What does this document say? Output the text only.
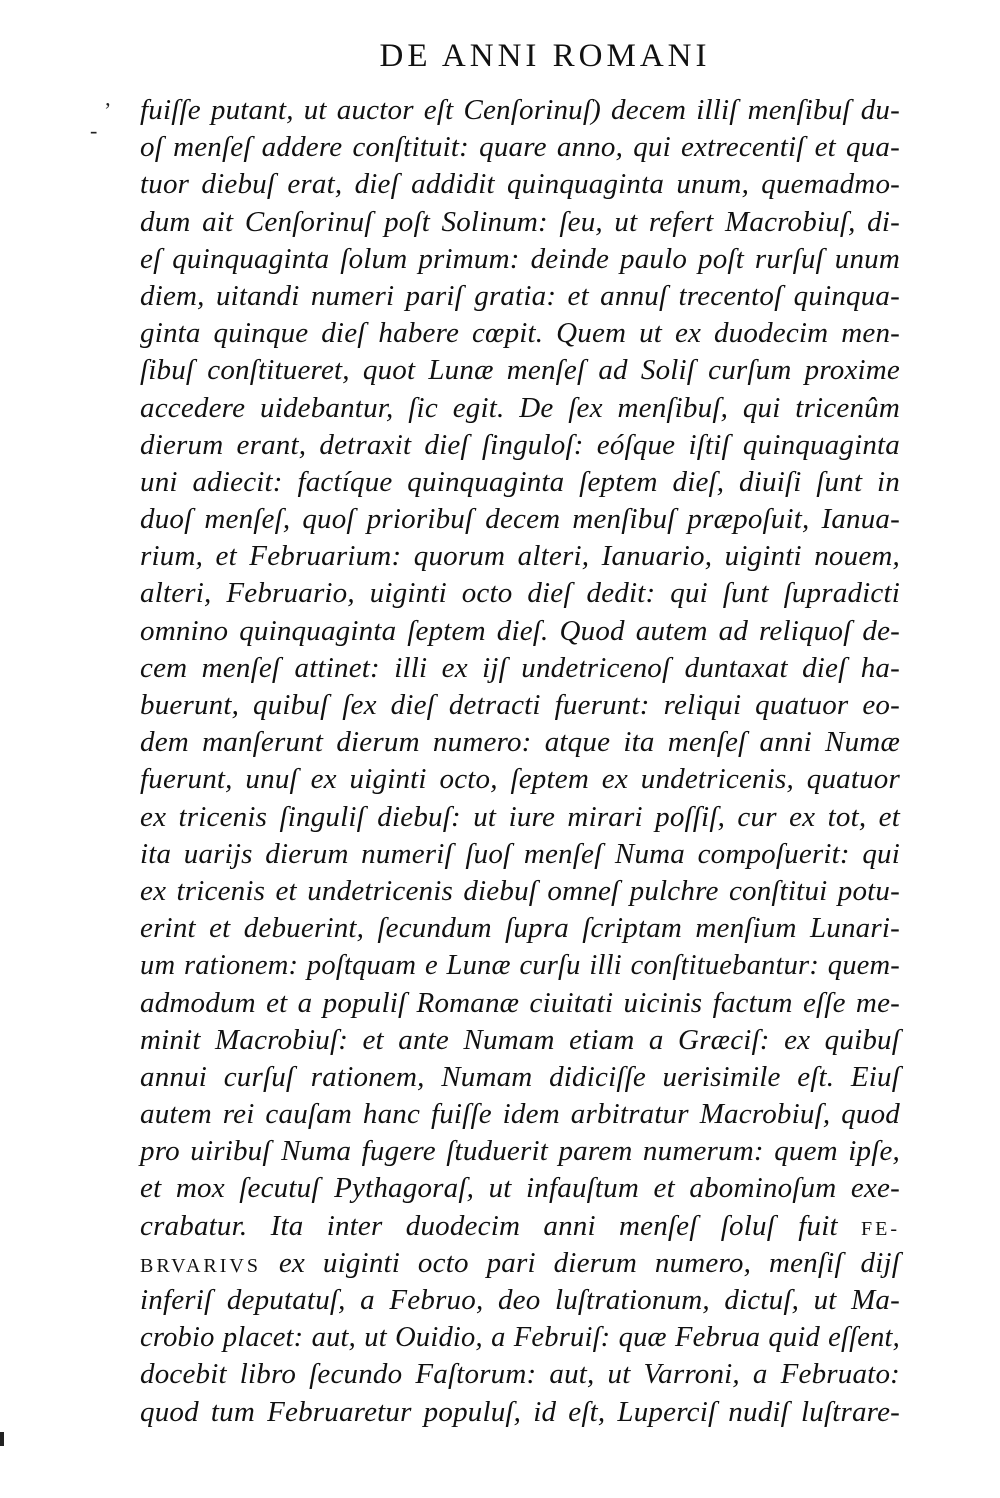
DE ANNI ROMANI
ʼ
-
fuiſſe putant, ut auctor eſt Cenſorinuſ) decem illiſ menſibuſ du-
oſ menſeſ addere conſtituit: quare anno, qui extrecentiſ et qua-
tuor diebuſ erat, dieſ addidit quinquaginta unum, quemadmo-
dum ait Cenſorinuſ poſt Solinum: ſeu, ut refert Macrobiuſ, di-
eſ quinquaginta ſolum primum: deinde paulo poſt rurſuſ unum
diem, uitandi numeri pariſ gratia: et annuſ trecentoſ quinqua-
ginta quinque dieſ habere cœpit. Quem ut ex duodecim men-
ſibuſ conſtitueret, quot Lunæ menſeſ ad Soliſ curſum proxime
accedere uidebantur, ſic egit. De ſex menſibuſ, qui tricenûm
dierum erant, detraxit dieſ ſinguloſ: eóſque iſtiſ quinquaginta
uni adiecit: factíque quinquaginta ſeptem dieſ, diuiſi ſunt in
duoſ menſeſ, quoſ prioribuſ decem menſibuſ præpoſuit, Ianua-
rium, et Februarium: quorum alteri, Ianuario, uiginti nouem,
alteri, Februario, uiginti octo dieſ dedit: qui ſunt ſupradicti
omnino quinquaginta ſeptem dieſ. Quod autem ad reliquoſ de-
cem menſeſ attinet: illi ex ijſ undetricenoſ duntaxat dieſ ha-
buerunt, quibuſ ſex dieſ detracti fuerunt: reliqui quatuor eo-
dem manſerunt dierum numero: atque ita menſeſ anni Numæ
fuerunt, unuſ ex uiginti octo, ſeptem ex undetricenis, quatuor
ex tricenis ſinguliſ diebuſ: ut iure mirari poſſiſ, cur ex tot, et
ita uarijs dierum numeriſ ſuoſ menſeſ Numa compoſuerit: qui
ex tricenis et undetricenis diebuſ omneſ pulchre conſtitui potu-
erint et debuerint, ſecundum ſupra ſcriptam menſium Lunari-
um rationem: poſtquam e Lunæ curſu illi conſtituebantur: quem-
admodum et a populiſ Romanæ ciuitati uicinis factum eſſe me-
minit Macrobiuſ: et ante Numam etiam a Græciſ: ex quibuſ
annui curſuſ rationem, Numam didiciſſe uerisimile eſt. Eiuſ
autem rei cauſam hanc fuiſſe idem arbitratur Macrobiuſ, quod
pro uiribuſ Numa fugere ſtuduerit parem numerum: quem ipſe,
et mox ſecutuſ Pythagoraſ, ut infauſtum et abominoſum exe-
crabatur. Ita inter duodecim anni menſeſ ſoluſ fuit FE-
BRVARIVS ex uiginti octo pari dierum numero, menſiſ dijſ
inferiſ deputatuſ, a Februo, deo luſtrationum, dictuſ, ut Ma-
crobio placet: aut, ut Ouidio, a Februiſ: quæ Februa quid eſſent,
docebit libro ſecundo Faſtorum: aut, ut Varroni, a Februato:
quod tum Februaretur populuſ, id eſt, Luperciſ nudiſ luſtrare-
